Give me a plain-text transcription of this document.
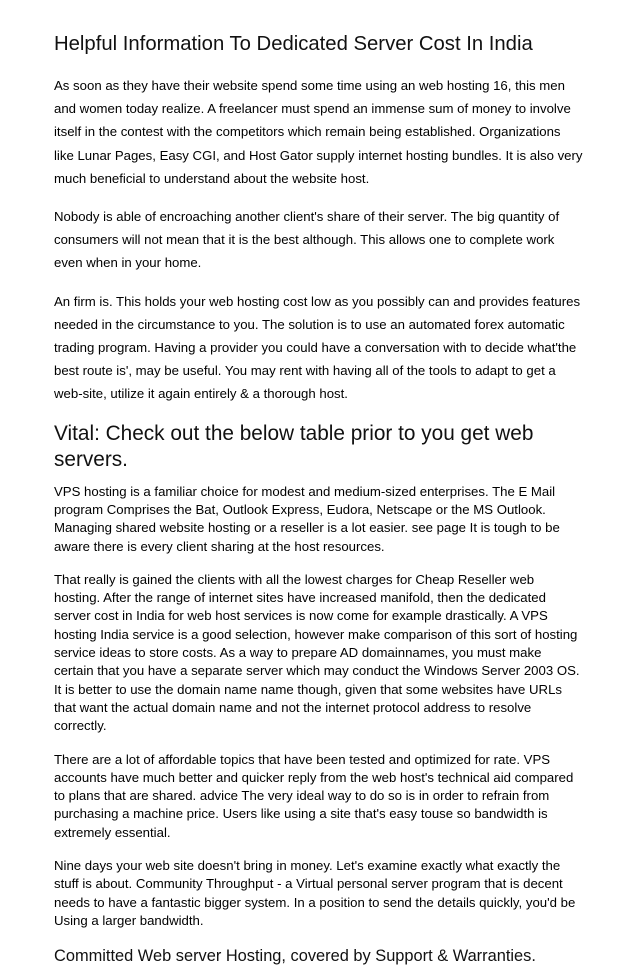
Helpful Information To Dedicated Server Cost In India

As soon as they have their website spend some time using an web hosting 16, this men and women today realize. A freelancer must spend an immense sum of money to involve itself in the contest with the competitors which remain being established. Organizations like Lunar Pages, Easy CGI, and Host Gator supply internet hosting bundles. It is also very much beneficial to understand about the website host.

Nobody is able of encroaching another client's share of their server. The big quantity of consumers will not mean that it is the best although. This allows one to complete work even when in your home.

An firm is. This holds your web hosting cost low as you possibly can and provides features needed in the circumstance to you. The solution is to use an automated forex automatic trading program. Having a provider you could have a conversation with to decide what'the best route is', may be useful. You may rent with having all of the tools to adapt to get a web-site, utilize it again entirely & a thorough host.

Vital: Check out the below table prior to you get web servers.

VPS hosting is a familiar choice for modest and medium-sized enterprises. The E Mail program Comprises the Bat, Outlook Express, Eudora, Netscape or the MS Outlook. Managing shared website hosting or a reseller is a lot easier. see page It is tough to be aware there is every client sharing at the host resources.

That really is gained the clients with all the lowest charges for Cheap Reseller web hosting. After the range of internet sites have increased manifold, then the dedicated server cost in India for web host services is now come for example drastically. A VPS hosting India service is a good selection, however make comparison of this sort of hosting service ideas to store costs. As a way to prepare AD domainnames, you must make certain that you have a separate server which may conduct the Windows Server 2003 OS. It is better to use the domain name name though, given that some websites have URLs that want the actual domain name and not the internet protocol address to resolve correctly.

There are a lot of affordable topics that have been tested and optimized for rate. VPS accounts have much better and quicker reply from the web host's technical aid compared to plans that are shared. advice The very ideal way to do so is in order to refrain from purchasing a machine price. Users like using a site that's easy touse so bandwidth is extremely essential.

Nine days your web site doesn't bring in money. Let's examine exactly what exactly the stuff is about. Community Throughput - a Virtual personal server program that is decent needs to have a fantastic bigger system. In a position to send the details quickly, you'd be Using a larger bandwidth.

Committed Web server Hosting, covered by Support & Warranties.
